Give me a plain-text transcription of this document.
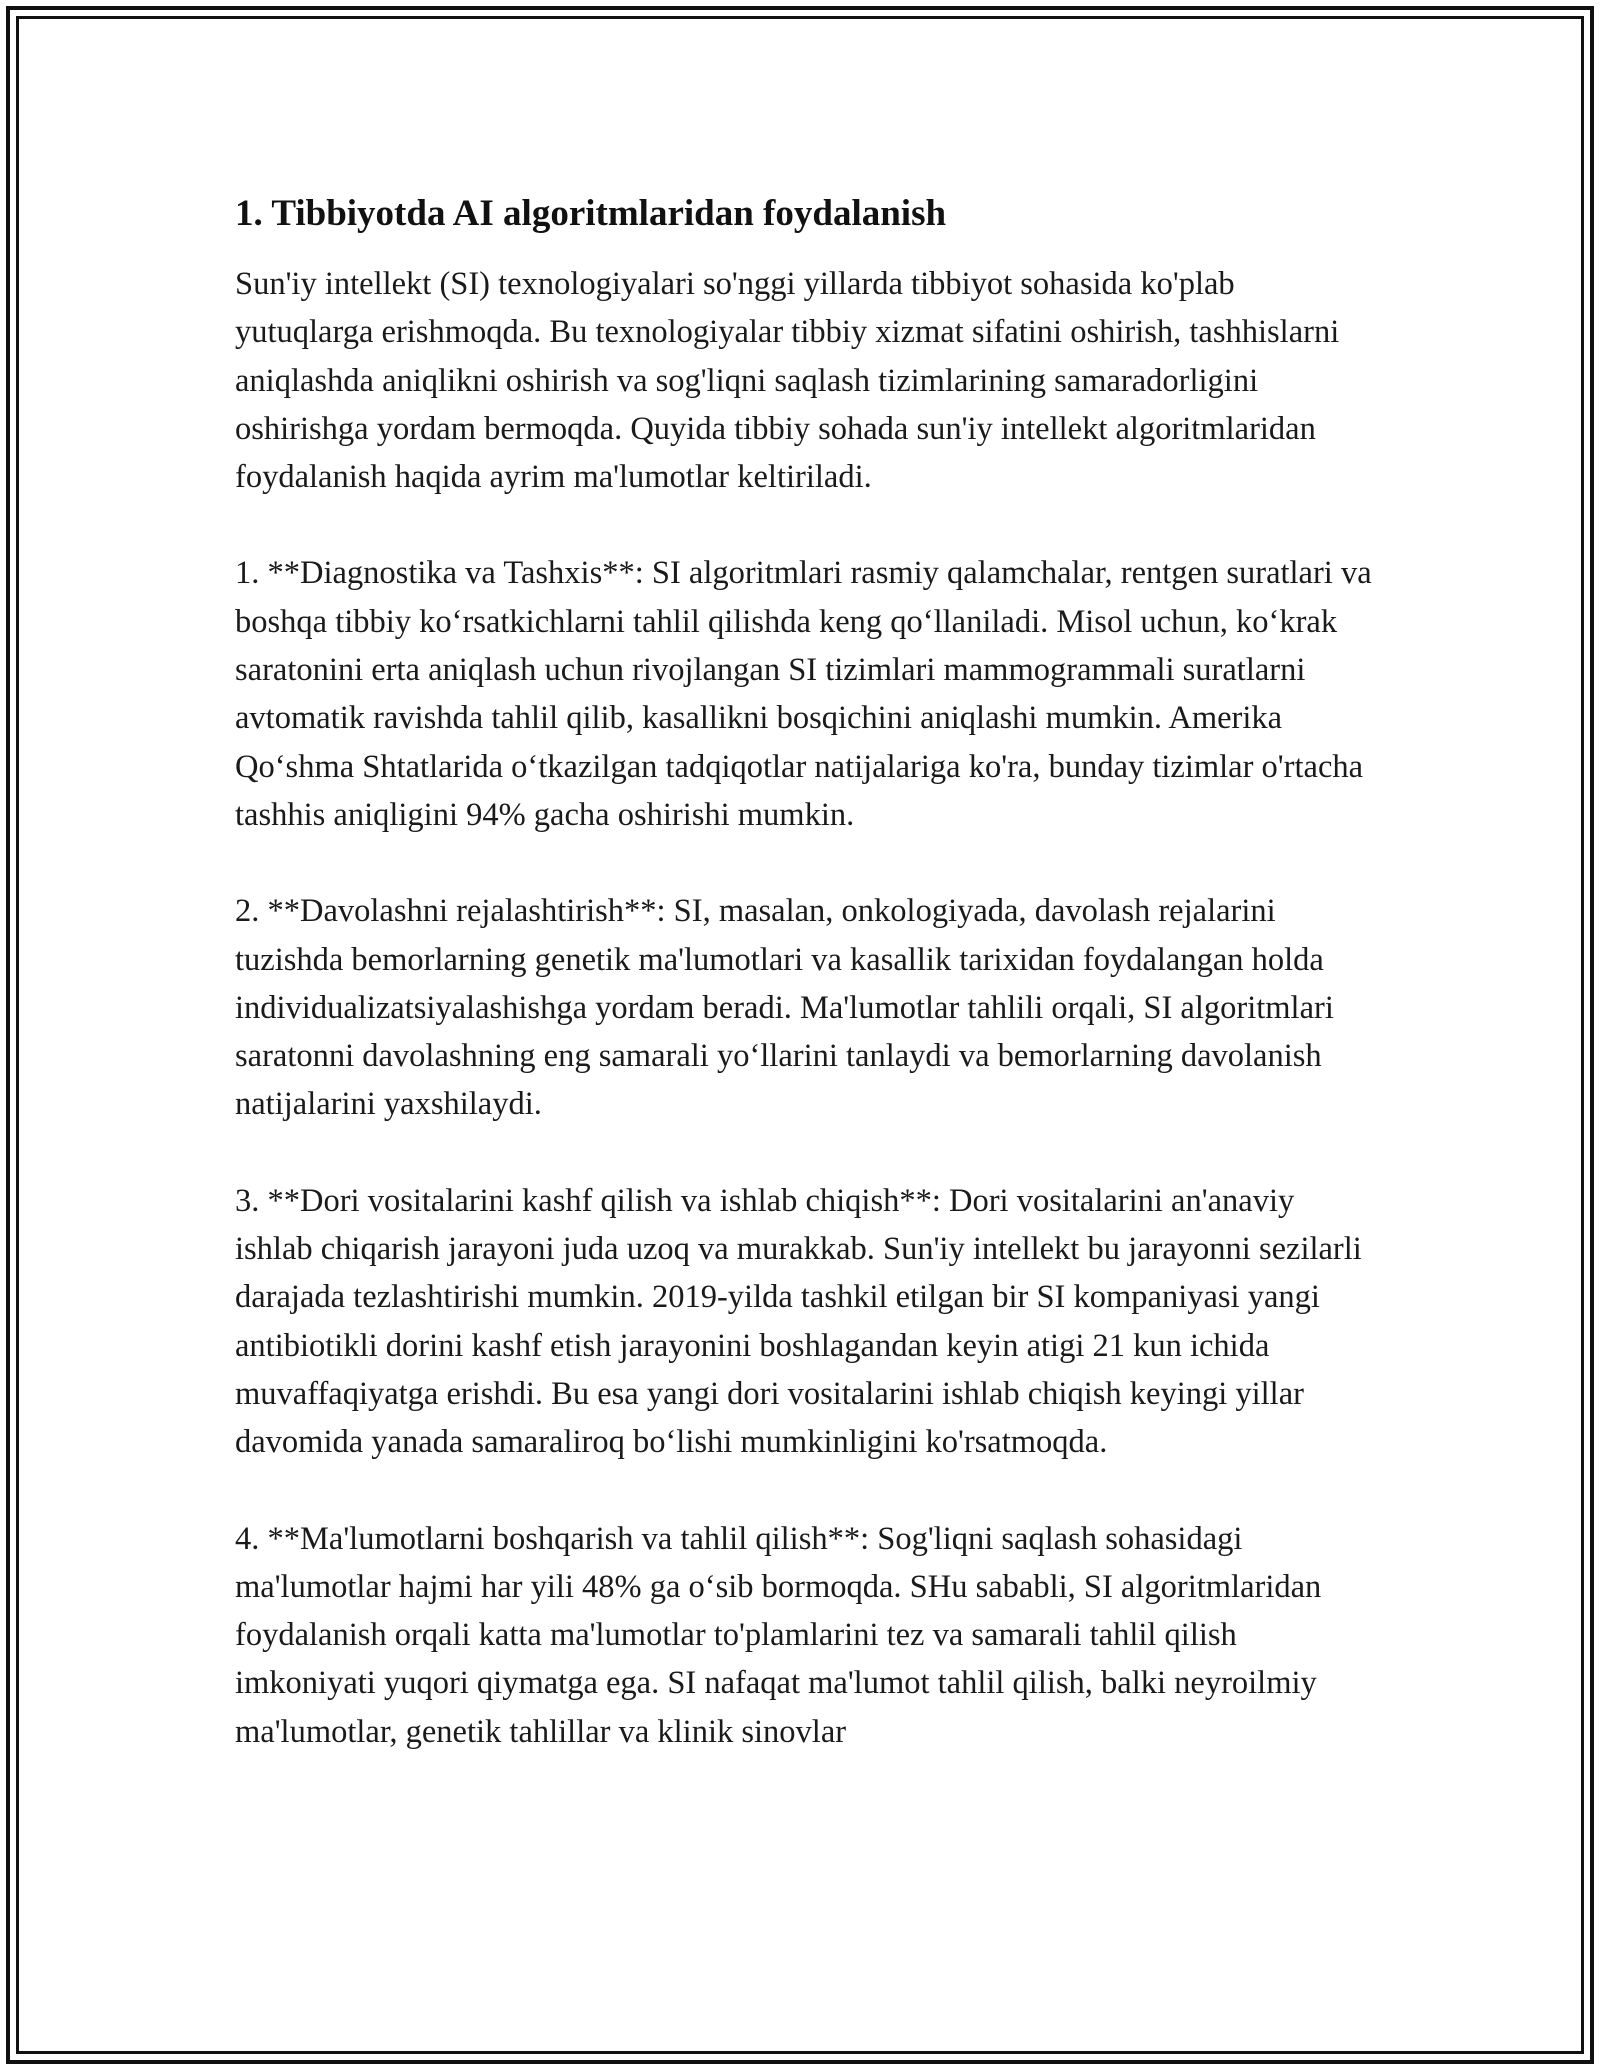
1. Tibbiyotda AI algoritmlaridan foydalanish

Sun'iy intellekt (SI) texnologiyalari so'nggi yillarda tibbiyot sohasida ko'plab yutuqlarga erishmoqda. Bu texnologiyalar tibbiy xizmat sifatini oshirish, tashhislarni aniqlashda aniqlikni oshirish va sog'liqni saqlash tizimlarining samaradorligini oshirishga yordam bermoqda. Quyida tibbiy sohada sun'iy intellekt algoritmlaridan foydalanish haqida ayrim ma'lumotlar keltiriladi.

1. **Diagnostika va Tashxis**: SI algoritmlari rasmiy qalamchalar, rentgen suratlari va boshqa tibbiy ko‘rsatkichlarni tahlil qilishda keng qo‘llaniladi. Misol uchun, ko‘krak saratonini erta aniqlash uchun rivojlangan SI tizimlari mammogrammali suratlarni avtomatik ravishda tahlil qilib, kasallikni bosqichini aniqlashi mumkin. Amerika Qo‘shma Shtatlarida o‘tkazilgan tadqiqotlar natijalariga ko'ra, bunday tizimlar o'rtacha tashhis aniqligini 94% gacha oshirishi mumkin.

2. **Davolashni rejalashtirish**: SI, masalan, onkologiyada, davolash rejalarini tuzishda bemorlarning genetik ma'lumotlari va kasallik tarixidan foydalangan holda individualizatsiyalashishga yordam beradi. Ma'lumotlar tahlili orqali, SI algoritmlari saratonni davolashning eng samarali yo‘llarini tanlaydi va bemorlarning davolanish natijalarini yaxshilaydi.

3. **Dori vositalarini kashf qilish va ishlab chiqish**: Dori vositalarini an'anaviy ishlab chiqarish jarayoni juda uzoq va murakkab. Sun'iy intellekt bu jarayonni sezilarli darajada tezlashtirishi mumkin. 2019-yilda tashkil etilgan bir SI kompaniyasi yangi antibiotikli dorini kashf etish jarayonini boshlagandan keyin atigi 21 kun ichida muvaffaqiyatga erishdi. Bu esa yangi dori vositalarini ishlab chiqish keyingi yillar davomida yanada samaraliroq bo‘lishi mumkinligini ko'rsatmoqda.

4. **Ma'lumotlarni boshqarish va tahlil qilish**: Sog'liqni saqlash sohasidagi ma'lumotlar hajmi har yili 48% ga o‘sib bormoqda. SHu sababli, SI algoritmlaridan foydalanish orqali katta ma'lumotlar to'plamlarini tez va samarali tahlil qilish imkoniyati yuqori qiymatga ega. SI nafaqat ma'lumot tahlil qilish, balki neyroilmiy ma'lumotlar, genetik tahlillar va klinik sinovlar
